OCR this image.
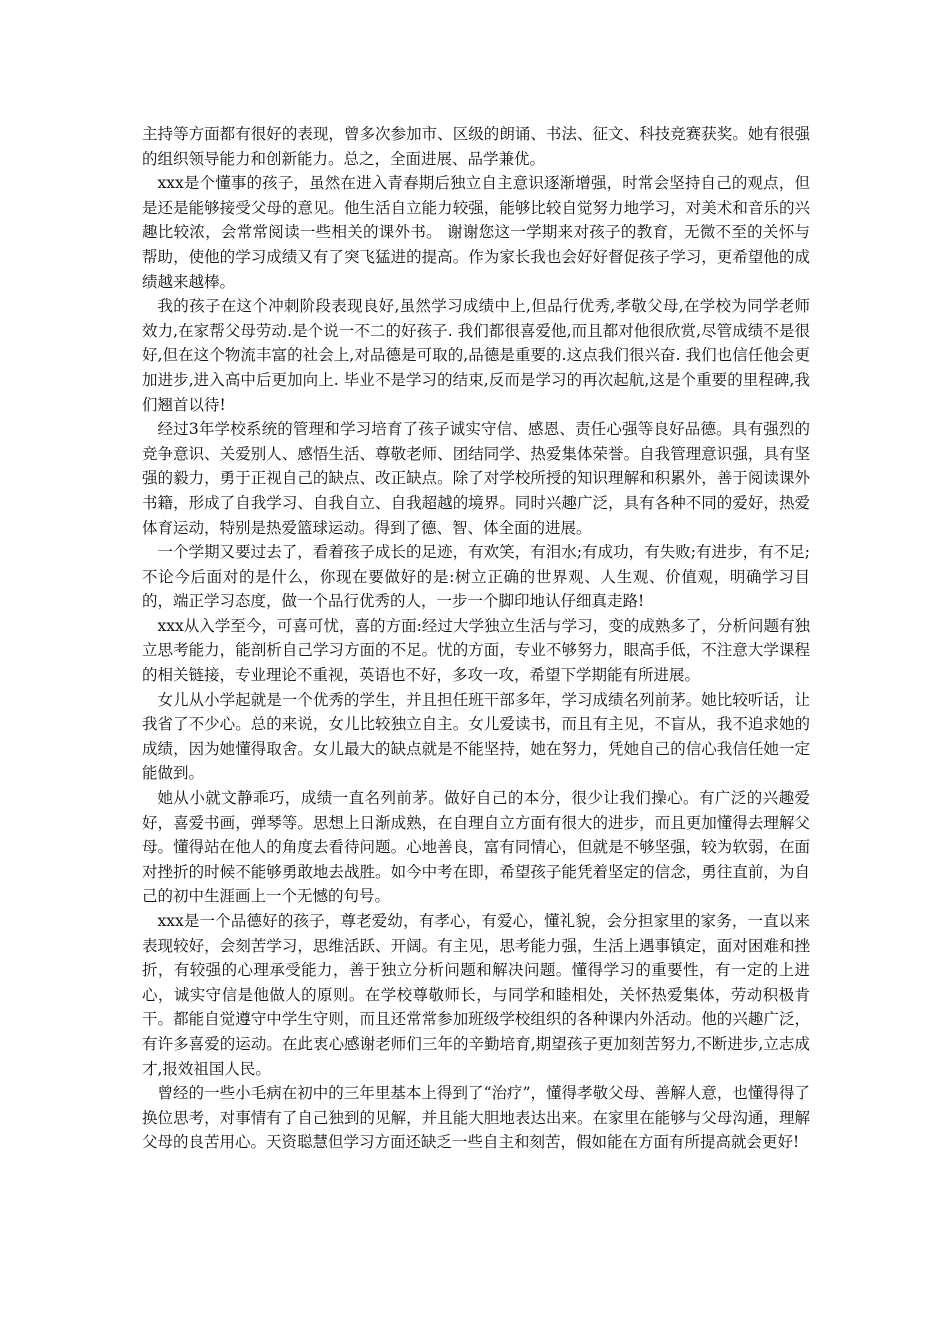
主持等方面都有很好的表现，曾多次参加市、区级的朗诵、书法、征文、科技竞赛获奖。她有很强的组织领导能力和创新能力。总之，全面进展、品学兼优。

xxx是个懂事的孩子，虽然在进入青春期后独立自主意识逐渐增强，时常会坚持自己的观点，但是还是能够接受父母的意见。他生活自立能力较强，能够比较自觉努力地学习，对美术和音乐的兴趣比较浓，会常常阅读一些相关的课外书。 谢谢您这一学期来对孩子的教育，无微不至的关怀与帮助，使他的学习成绩又有了突飞猛进的提高。作为家长我也会好好督促孩子学习，更希望他的成绩越来越棒。

我的孩子在这个冲刺阶段表现良好,虽然学习成绩中上,但品行优秀,孝敬父母,在学校为同学老师效力,在家帮父母劳动.是个说一不二的好孩子. 我们都很喜爱他,而且都对他很欣赏,尽管成绩不是很好,但在这个物流丰富的社会上,对品德是可取的,品德是重要的.这点我们很兴奋. 我们也信任他会更加进步,进入高中后更加向上. 毕业不是学习的结束,反而是学习的再次起航,这是个重要的里程碑,我们翘首以待!

经过3年学校系统的管理和学习培育了孩子诚实守信、感恩、责任心强等良好品德。具有强烈的竞争意识、关爱别人、感悟生活、尊敬老师、团结同学、热爱集体荣誉。自我管理意识强，具有坚强的毅力，勇于正视自己的缺点、改正缺点。除了对学校所授的知识理解和积累外，善于阅读课外书籍，形成了自我学习、自我自立、自我超越的境界。同时兴趣广泛，具有各种不同的爱好，热爱体育运动，特别是热爱篮球运动。得到了德、智、体全面的进展。

一个学期又要过去了，看着孩子成长的足迹，有欢笑，有泪水;有成功，有失败;有进步，有不足;不论今后面对的是什么，你现在要做好的是:树立正确的世界观、人生观、价值观，明确学习目的，端正学习态度，做一个品行优秀的人，一步一个脚印地认仔细真走路!

xxx从入学至今，可喜可忧，喜的方面:经过大学独立生活与学习，变的成熟多了，分析问题有独立思考能力，能剖析自己学习方面的不足。忧的方面，专业不够努力，眼高手低，不注意大学课程的相关链接，专业理论不重视，英语也不好，多攻一攻，希望下学期能有所进展。

女儿从小学起就是一个优秀的学生，并且担任班干部多年，学习成绩名列前茅。她比较听话，让我省了不少心。总的来说，女儿比较独立自主。女儿爱读书，而且有主见，不盲从，我不追求她的成绩，因为她懂得取舍。女儿最大的缺点就是不能坚持，她在努力，凭她自己的信心我信任她一定能做到。

她从小就文静乖巧，成绩一直名列前茅。做好自己的本分，很少让我们操心。有广泛的兴趣爱好，喜爱书画，弹琴等。思想上日渐成熟，在自理自立方面有很大的进步，而且更加懂得去理解父母。懂得站在他人的角度去看待问题。心地善良，富有同情心，但就是不够坚强，较为软弱，在面对挫折的时候不能够勇敢地去战胜。如今中考在即，希望孩子能凭着坚定的信念，勇往直前，为自己的初中生涯画上一个无憾的句号。

xxx是一个品德好的孩子，尊老爱幼，有孝心，有爱心，懂礼貌，会分担家里的家务，一直以来表现较好，会刻苦学习，思维活跃、开阔。有主见，思考能力强，生活上遇事镇定，面对困难和挫折，有较强的心理承受能力，善于独立分析问题和解决问题。懂得学习的重要性，有一定的上进心，诚实守信是他做人的原则。在学校尊敬师长，与同学和睦相处，关怀热爱集体，劳动积极肯干。都能自觉遵守中学生守则，而且还常常参加班级学校组织的各种课内外活动。他的兴趣广泛，有许多喜爱的运动。在此衷心感谢老师们三年的辛勤培育,期望孩子更加刻苦努力,不断进步,立志成才,报效祖国人民。

曾经的一些小毛病在初中的三年里基本上得到了“治疗”，懂得孝敬父母、善解人意，也懂得得了换位思考，对事情有了自己独到的见解，并且能大胆地表达出来。在家里在能够与父母沟通，理解父母的良苦用心。天资聪慧但学习方面还缺乏一些自主和刻苦，假如能在方面有所提高就会更好!
